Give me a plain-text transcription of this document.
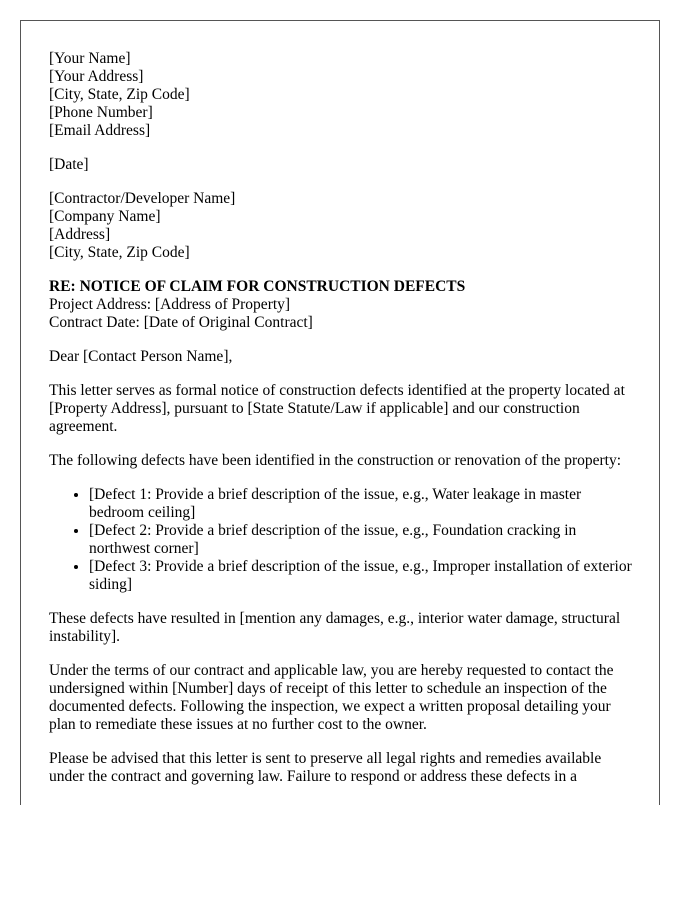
[Your Name]
[Your Address]
[City, State, Zip Code]
[Phone Number]
[Email Address]
[Date]
[Contractor/Developer Name]
[Company Name]
[Address]
[City, State, Zip Code]
RE: NOTICE OF CLAIM FOR CONSTRUCTION DEFECTS
Project Address: [Address of Property]
Contract Date: [Date of Original Contract]

Dear [Contact Person Name],

This letter serves as formal notice of construction defects identified at the property located at [Property Address], pursuant to [State Statute/Law if applicable] and our construction agreement.

The following defects have been identified in the construction or renovation of the property:

• [Defect 1: Provide a brief description of the issue, e.g., Water leakage in master bedroom ceiling]
• [Defect 2: Provide a brief description of the issue, e.g., Foundation cracking in northwest corner]
• [Defect 3: Provide a brief description of the issue, e.g., Improper installation of exterior siding]

These defects have resulted in [mention any damages, e.g., interior water damage, structural instability].

Under the terms of our contract and applicable law, you are hereby requested to contact the undersigned within [Number] days of receipt of this letter to schedule an inspection of the documented defects. Following the inspection, we expect a written proposal detailing your plan to remediate these issues at no further cost to the owner.

Please be advised that this letter is sent to preserve all legal rights and remedies available under the contract and governing law. Failure to respond or address these defects in a
